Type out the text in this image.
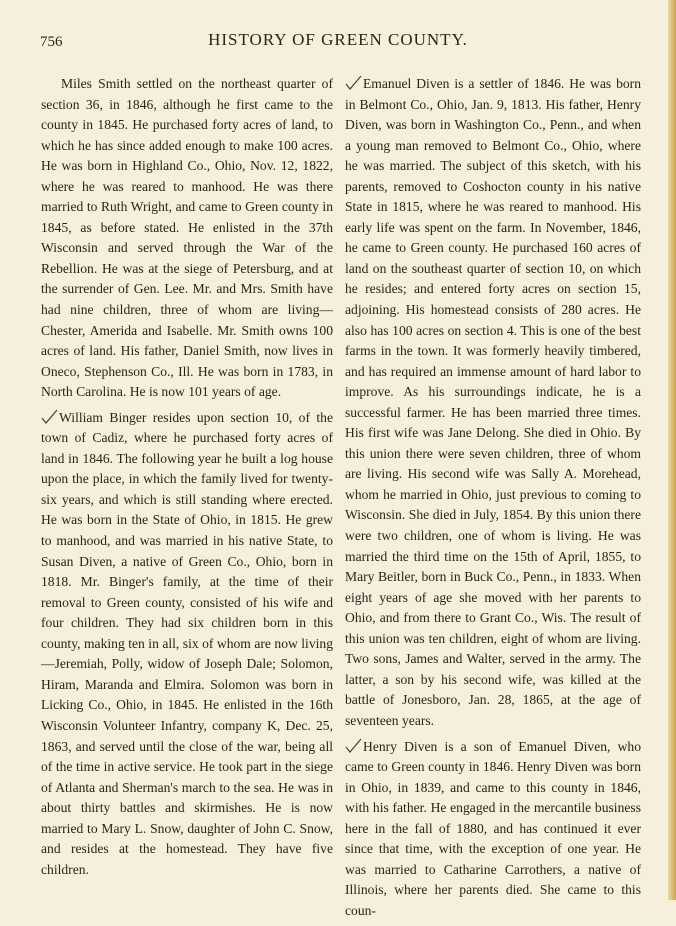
756	HISTORY OF GREEN COUNTY.

Miles Smith settled on the northeast quarter of section 36, in 1846, although he first came to the county in 1845. He purchased forty acres of land, to which he has since added enough to make 100 acres. He was born in Highland Co., Ohio, Nov. 12, 1822, where he was reared to manhood. He was there married to Ruth Wright, and came to Green county in 1845, as before stated. He enlisted in the 37th Wisconsin and served through the War of the Rebellion. He was at the siege of Petersburg, and at the surrender of Gen. Lee. Mr. and Mrs. Smith have had nine children, three of whom are living—Chester, Amerida and Isabelle. Mr. Smith owns 100 acres of land. His father, Daniel Smith, now lives in Oneco, Stephenson Co., Ill. He was born in 1783, in North Carolina. He is now 101 years of age.

William Binger resides upon section 10, of the town of Cadiz, where he purchased forty acres of land in 1846. The following year he built a log house upon the place, in which the family lived for twenty-six years, and which is still standing where erected. He was born in the State of Ohio, in 1815. He grew to manhood, and was married in his native State, to Susan Diven, a native of Green Co., Ohio, born in 1818. Mr. Binger's family, at the time of their removal to Green county, consisted of his wife and four children. They had six children born in this county, making ten in all, six of whom are now living—Jeremiah, Polly, widow of Joseph Dale; Solomon, Hiram, Maranda and Elmira. Solomon was born in Licking Co., Ohio, in 1845. He enlisted in the 16th Wisconsin Volunteer Infantry, company K, Dec. 25, 1863, and served until the close of the war, being all of the time in active service. He took part in the siege of Atlanta and Sherman's march to the sea. He was in about thirty battles and skirmishes. He is now married to Mary L. Snow, daughter of John C. Snow, and resides at the homestead. They have five children.

Emanuel Diven is a settler of 1846. He was born in Belmont Co., Ohio, Jan. 9, 1813. His father, Henry Diven, was born in Washington Co., Penn., and when a young man removed to Belmont Co., Ohio, where he was married. The subject of this sketch, with his parents, removed to Coshocton county in his native State in 1815, where he was reared to manhood. His early life was spent on the farm. In November, 1846, he came to Green county. He purchased 160 acres of land on the southeast quarter of section 10, on which he resides; and entered forty acres on section 15, adjoining. His homestead consists of 280 acres. He also has 100 acres on section 4. This is one of the best farms in the town. It was formerly heavily timbered, and has required an immense amount of hard labor to improve. As his surroundings indicate, he is a successful farmer. He has been married three times. His first wife was Jane Delong. She died in Ohio. By this union there were seven children, three of whom are living. His second wife was Sally A. Morehead, whom he married in Ohio, just previous to coming to Wisconsin. She died in July, 1854. By this union there were two children, one of whom is living. He was married the third time on the 15th of April, 1855, to Mary Beitler, born in Buck Co., Penn., in 1833. When eight years of age she moved with her parents to Ohio, and from there to Grant Co., Wis. The result of this union was ten children, eight of whom are living. Two sons, James and Walter, served in the army. The latter, a son by his second wife, was killed at the battle of Jonesboro, Jan. 28, 1865, at the age of seventeen years.

Henry Diven is a son of Emanuel Diven, who came to Green county in 1846. Henry Diven was born in Ohio, in 1839, and came to this county in 1846, with his father. He engaged in the mercantile business here in the fall of 1880, and has continued it ever since that time, with the exception of one year. He was married to Catharine Carrothers, a native of Illinois, where her parents died. She came to this coun-
